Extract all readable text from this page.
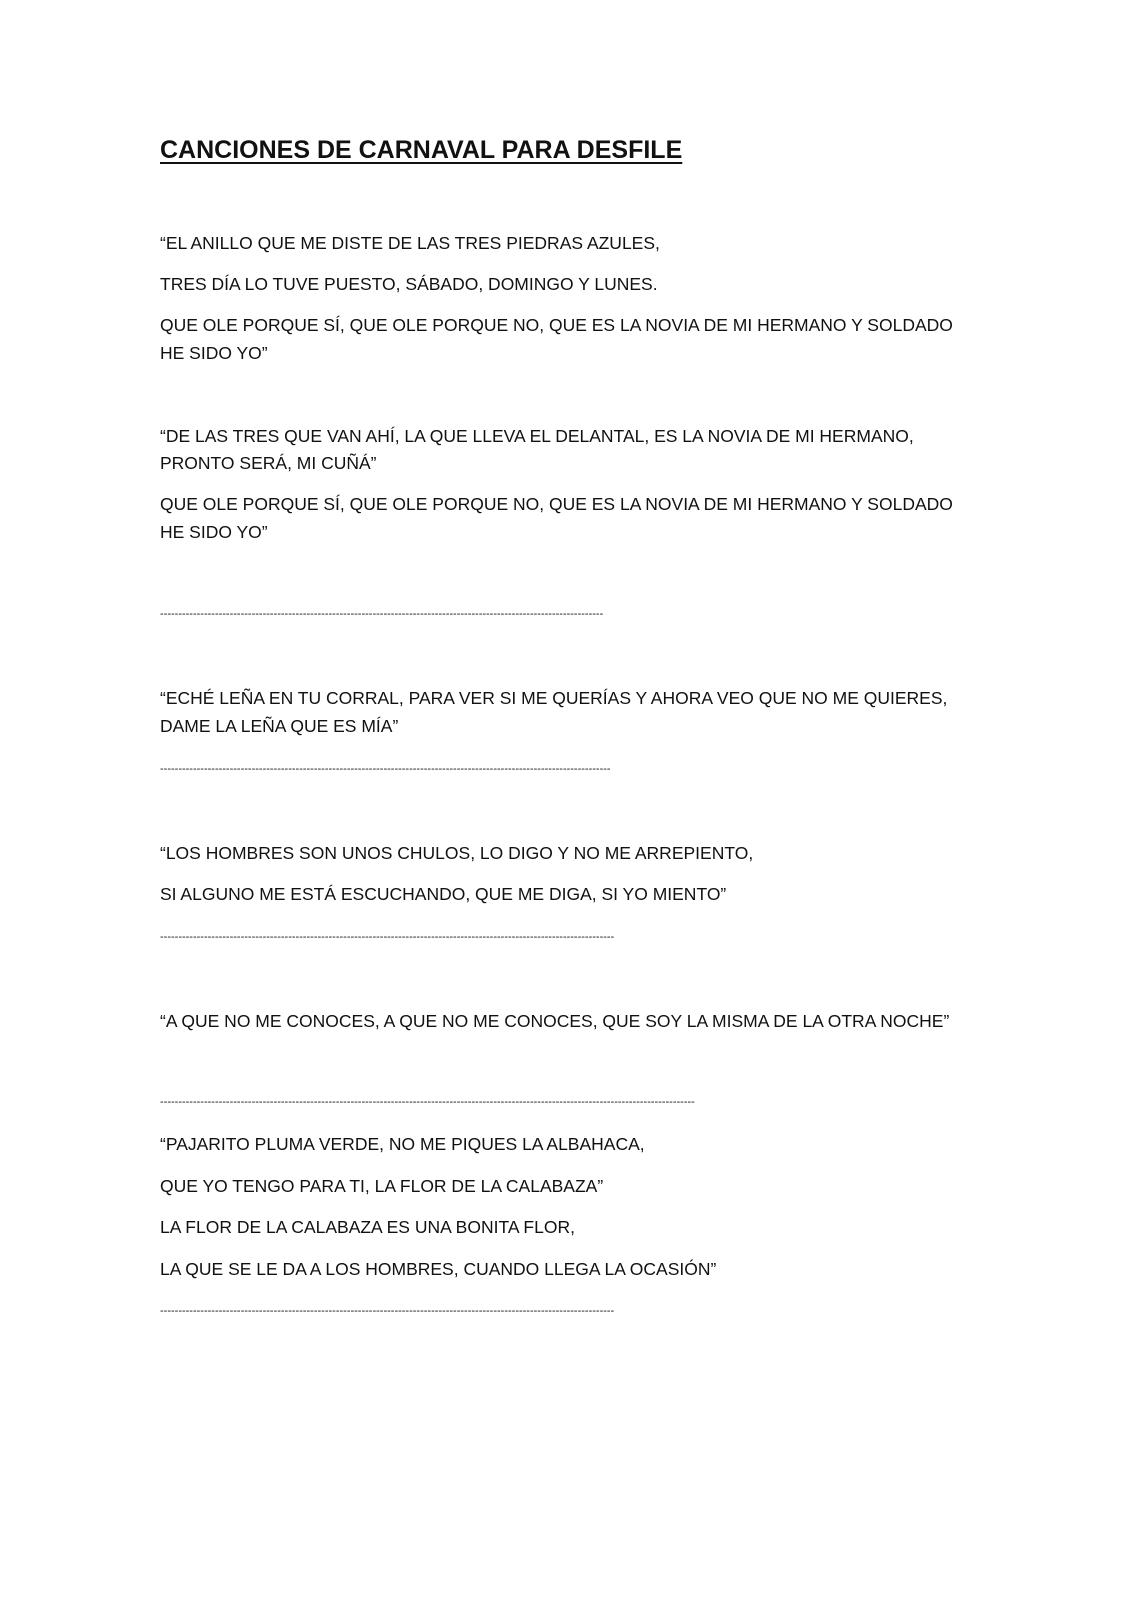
CANCIONES DE CARNAVAL PARA DESFILE
“EL ANILLO QUE ME DISTE DE LAS TRES PIEDRAS AZULES,
TRES DÍA LO TUVE PUESTO, SÁBADO, DOMINGO Y LUNES.
QUE OLE PORQUE SÍ, QUE OLE PORQUE NO, QUE ES LA NOVIA DE MI HERMANO Y SOLDADO
HE SIDO YO”
“DE LAS TRES QUE VAN AHÍ, LA QUE LLEVA EL DELANTAL, ES LA NOVIA DE MI HERMANO,
PRONTO SERÁ, MI CUÑÁ”
QUE OLE PORQUE SÍ, QUE OLE PORQUE NO, QUE ES LA NOVIA DE MI HERMANO Y SOLDADO
HE SIDO YO”
-------------------------------------------------------------------------------------------------------------------------
“ECHÉ LEÑA EN TU CORRAL, PARA VER SI ME QUERÍAS Y AHORA VEO QUE NO ME QUIERES,
DAME LA LEÑA QUE ES MÍA”
---------------------------------------------------------------------------------------------------------------------------
“LOS HOMBRES SON UNOS CHULOS, LO DIGO Y NO ME ARREPIENTO,
SI ALGUNO ME ESTÁ ESCUCHANDO, QUE ME DIGA, SI YO MIENTO”
----------------------------------------------------------------------------------------------------------------------------
“A QUE NO ME CONOCES, A QUE NO ME CONOCES, QUE SOY LA MISMA DE LA OTRA NOCHE”
--------------------------------------------------------------------------------------------------------------------------------------------------
“PAJARITO PLUMA VERDE, NO ME PIQUES LA ALBAHACA,
QUE YO TENGO PARA TI, LA FLOR DE LA CALABAZA”
LA FLOR DE LA CALABAZA ES UNA BONITA FLOR,
LA QUE SE LE DA A LOS HOMBRES, CUANDO LLEGA LA OCASIÓN”
----------------------------------------------------------------------------------------------------------------------------
